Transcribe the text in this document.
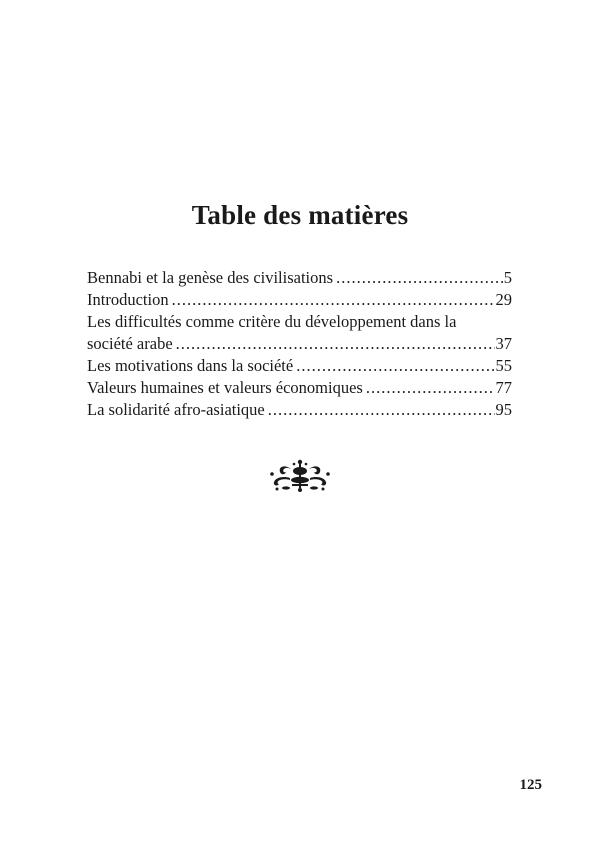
Table des matières
Bennabi et la genèse des civilisations .....	5
Introduction .....	29
Les difficultés comme critère du développement dans la
société arabe .....	37
Les motivations dans la société .....	55
Valeurs humaines et valeurs économiques .....	77
La solidarité afro-asiatique .....	95
125
